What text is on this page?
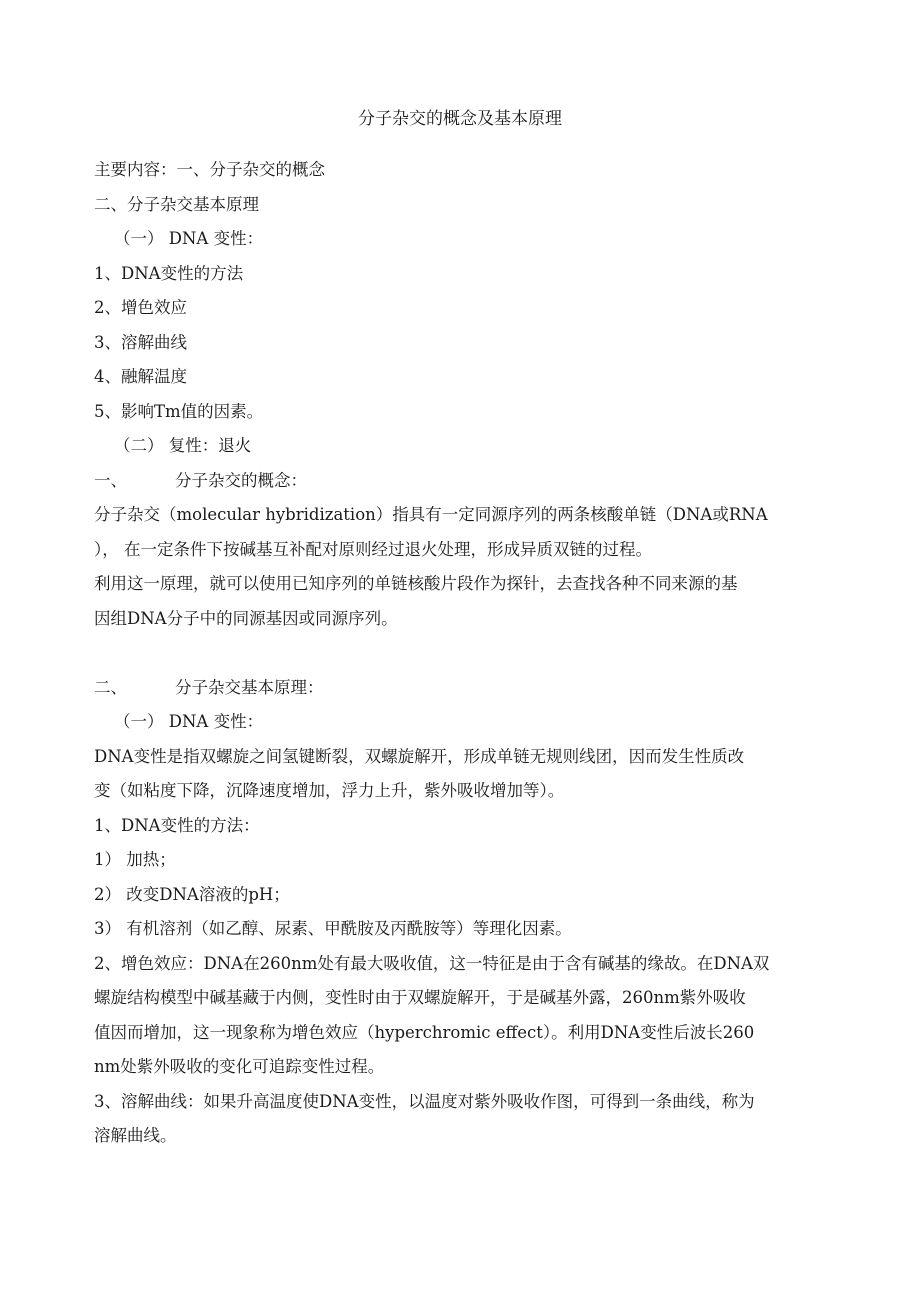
分子杂交的概念及基本原理
主要内容：一、分子杂交的概念
二、分子杂交基本原理
（一） DNA 变性：
1、DNA变性的方法
2、增色效应
3、溶解曲线
4、融解温度
5、影响Tm值的因素。
（二） 复性：退火
一、	分子杂交的概念：
分子杂交（molecular hybridization）指具有一定同源序列的两条核酸单链（DNA或RNA
）， 在一定条件下按碱基互补配对原则经过退火处理，形成异质双链的过程。
利用这一原理，就可以使用已知序列的单链核酸片段作为探针，去查找各种不同来源的基
因组DNA分子中的同源基因或同源序列。
二、	分子杂交基本原理：
（一） DNA 变性：
DNA变性是指双螺旋之间氢键断裂，双螺旋解开，形成单链无规则线团，因而发生性质改
变（如粘度下降，沉降速度增加，浮力上升，紫外吸收增加等）。
1、DNA变性的方法：
1） 加热；
2） 改变DNA溶液的pH；
3） 有机溶剂（如乙醇、尿素、甲酰胺及丙酰胺等）等理化因素。
2、增色效应：DNA在260nm处有最大吸收值，这一特征是由于含有碱基的缘故。在DNA双
螺旋结构模型中碱基藏于内侧，变性时由于双螺旋解开，于是碱基外露，260nm紫外吸收
值因而增加，这一现象称为增色效应（hyperchromic effect）。利用DNA变性后波长260
nm处紫外吸收的变化可追踪变性过程。
3、溶解曲线：如果升高温度使DNA变性，以温度对紫外吸收作图，可得到一条曲线，称为
溶解曲线。
